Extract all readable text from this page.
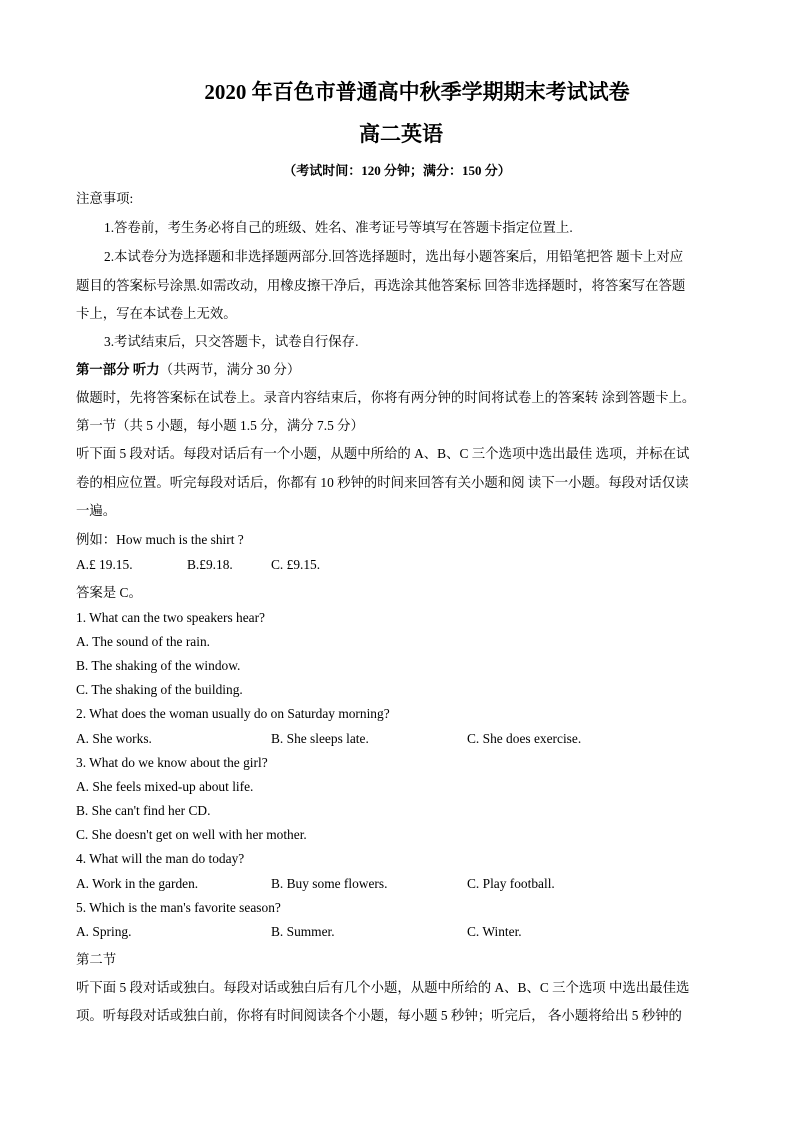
2020 年百色市普通高中秋季学期期末考试试卷
高二英语
（考试时间：120 分钟；满分：150 分）
注意事项:
1.答卷前，考生务必将自己的班级、姓名、准考证号等填写在答题卡指定位置上.
2.本试卷分为选择题和非选择题两部分.回答选择题时，选出每小题答案后，用铅笔把答 题卡上对应
题目的答案标号涂黑.如需改动，用橡皮擦干净后，再选涂其他答案标 回答非选择题时，将答案写在答题
卡上，写在本试卷上无效。
3.考试结束后，只交答题卡，试卷自行保存.
第一部分 听力（共两节，满分 30 分）
做题时，先将答案标在试卷上。录音内容结束后，你将有两分钟的时间将试卷上的答案转 涂到答题卡上。
第一节（共 5 小题，每小题 1.5 分，满分 7.5 分）
听下面 5 段对话。每段对话后有一个小题，从题中所给的 A、B、C 三个选项中选出最佳 选项，并标在试
卷的相应位置。听完每段对话后，你都有 10 秒钟的时间来回答有关小题和阅 读下一小题。每段对话仅读
一遍。
例如：How much is the shirt ?
A.£ 19.15.	B.£9.18.	C. £9.15.
答案是 C。
1. What can the two speakers hear?
A. The sound of the rain.
B. The shaking of the window.
C. The shaking of the building.
2. What does the woman usually do on Saturday morning?
A. She works.	B. She sleeps late.	C. She does exercise.
3. What do we know about the girl?
A. She feels mixed-up about life.
B. She can't find her CD.
C. She doesn't get on well with her mother.
4. What will the man do today?
A. Work in the garden.	B. Buy some flowers.	C. Play football.
5. Which is the man's favorite season?
A. Spring.	B. Summer.	C. Winter.
第二节
听下面 5 段对话或独白。每段对话或独白后有几个小题，从题中所给的 A、B、C 三个选项 中选出最佳选
项。听每段对话或独白前，你将有时间阅读各个小题，每小题 5 秒钟；听完后， 各小题将给出 5 秒钟的
